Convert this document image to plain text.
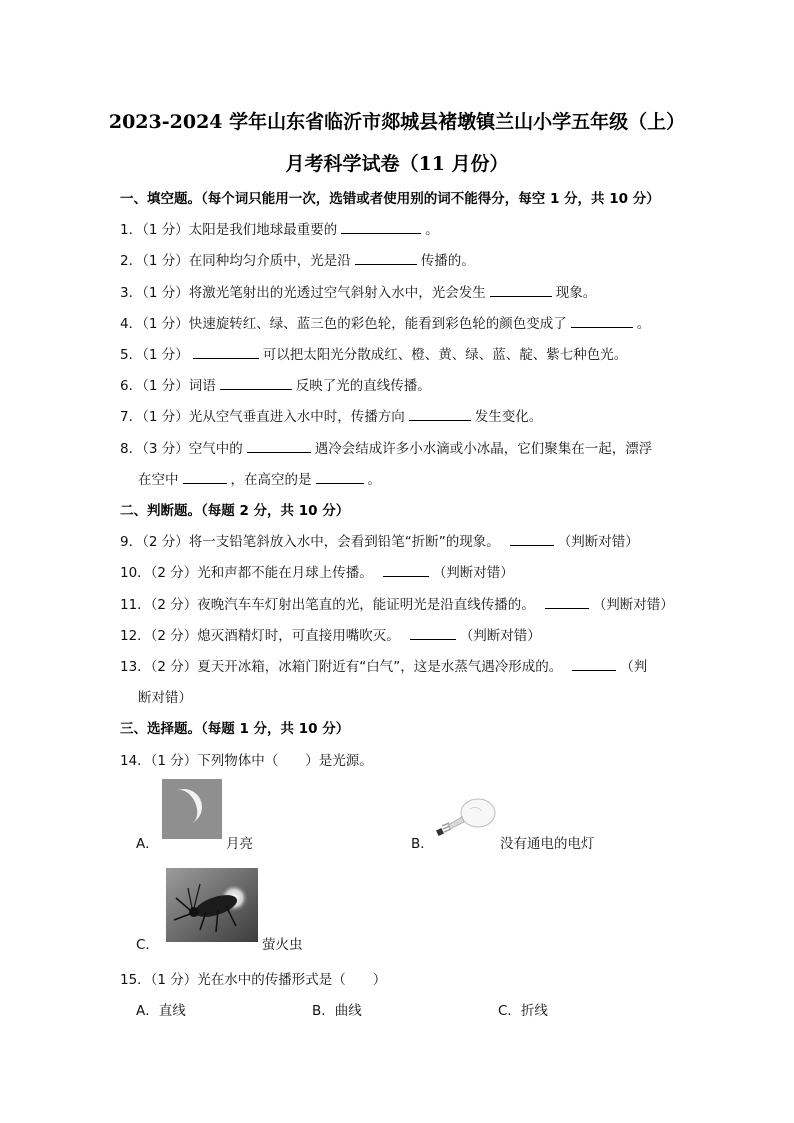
2023-2024 学年山东省临沂市郯城县褚墩镇兰山小学五年级（上）
月考科学试卷（11 月份）
一、填空题。（每个词只能用一次，选错或者使用别的词不能得分，每空 1 分，共 10 分）
1．（1 分）太阳是我们地球最重要的	。
2．（1 分）在同种均匀介质中，光是沿	传播的。
3．（1 分）将激光笔射出的光透过空气斜射入水中，光会发生	现象。
4．（1 分）快速旋转红、绿、蓝三色的彩色轮，能看到彩色轮的颜色变成了	。
5．（1 分）	可以把太阳光分散成红、橙、黄、绿、蓝、靛、紫七种色光。
6．（1 分）词语	反映了光的直线传播。
7．（1 分）光从空气垂直进入水中时，传播方向	发生变化。
8．（3 分）空气中的	遇冷会结成许多小水滴或小冰晶，它们聚集在一起，漂浮
在空中	，在高空的是	。
二、判断题。（每题 2 分，共 10 分）
9．（2 分）将一支铅笔斜放入水中，会看到铅笔“折断”的现象。	（判断对错）
10．（2 分）光和声都不能在月球上传播。	（判断对错）
11．（2 分）夜晚汽车车灯射出笔直的光，能证明光是沿直线传播的。	（判断对错）
12．（2 分）熄灭酒精灯时，可直接用嘴吹灭。	（判断对错）
13．（2 分）夏天开冰箱，冰箱门附近有“白气”，这是水蒸气遇冷形成的。	（判
断对错）
三、选择题。（每题 1 分，共 10 分）
14．（1 分）下列物体中（　　）是光源。
A．	月亮	B．	没有通电的电灯
C．	萤火虫
15．（1 分）光在水中的传播形式是（　　）
A．直线	B．曲线	C．折线
